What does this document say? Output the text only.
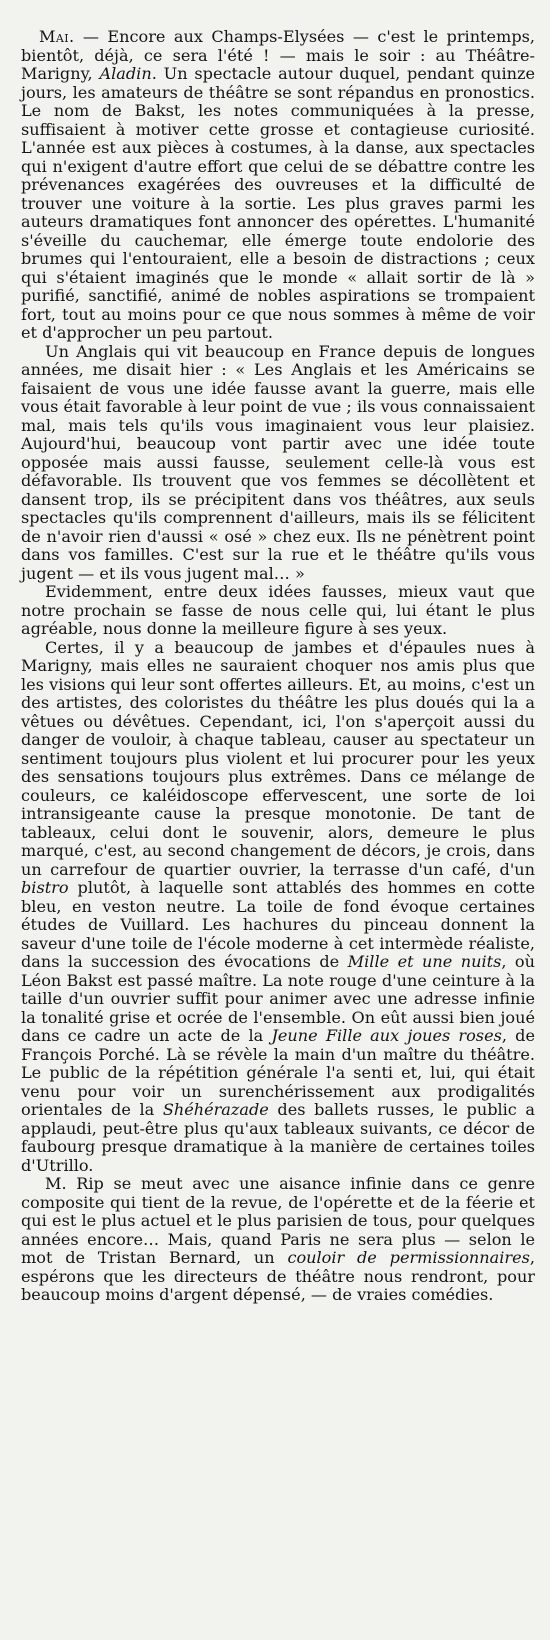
Mai. — Encore aux Champs-Elysées — c'est le printemps, bientôt, déjà, ce sera l'été ! — mais le soir : au Théâtre-Marigny, Aladin. Un spectacle autour duquel, pendant quinze jours, les amateurs de théâtre se sont répandus en pronostics. Le nom de Bakst, les notes communiquées à la presse, suffisaient à motiver cette grosse et contagieuse curiosité. L'année est aux pièces à costumes, à la danse, aux spectacles qui n'exigent d'autre effort que celui de se débattre contre les prévenances exagérées des ouvreuses et la difficulté de trouver une voiture à la sortie. Les plus graves parmi les auteurs dramatiques font annoncer des opérettes. L'humanité s'éveille du cauchemar, elle émerge toute endolorie des brumes qui l'entouraient, elle a besoin de distractions ; ceux qui s'étaient imaginés que le monde « allait sortir de là » purifié, sanctifié, animé de nobles aspirations se trompaient fort, tout au moins pour ce que nous sommes à même de voir et d'approcher un peu partout.

Un Anglais qui vit beaucoup en France depuis de longues années, me disait hier : « Les Anglais et les Américains se faisaient de vous une idée fausse avant la guerre, mais elle vous était favorable à leur point de vue ; ils vous connaissaient mal, mais tels qu'ils vous imaginaient vous leur plaisiez. Aujourd'hui, beaucoup vont partir avec une idée toute opposée mais aussi fausse, seulement celle-là vous est défavorable. Ils trouvent que vos femmes se décollètent et dansent trop, ils se précipitent dans vos théâtres, aux seuls spectacles qu'ils comprennent d'ailleurs, mais ils se félicitent de n'avoir rien d'aussi « osé » chez eux. Ils ne pénètrent point dans vos familles. C'est sur la rue et le théâtre qu'ils vous jugent — et ils vous jugent mal… »

Evidemment, entre deux idées fausses, mieux vaut que notre prochain se fasse de nous celle qui, lui étant le plus agréable, nous donne la meilleure figure à ses yeux.

Certes, il y a beaucoup de jambes et d'épaules nues à Marigny, mais elles ne sauraient choquer nos amis plus que les visions qui leur sont offertes ailleurs. Et, au moins, c'est un des artistes, des coloristes du théâtre les plus doués qui la a vêtues ou dévêtues. Cependant, ici, l'on s'aperçoit aussi du danger de vouloir, à chaque tableau, causer au spectateur un sentiment toujours plus violent et lui procurer pour les yeux des sensations toujours plus extrêmes. Dans ce mélange de couleurs, ce kaléidoscope effervescent, une sorte de loi intransigeante cause la presque monotonie. De tant de tableaux, celui dont le souvenir, alors, demeure le plus marqué, c'est, au second changement de décors, je crois, dans un carrefour de quartier ouvrier, la terrasse d'un café, d'un bistro plutôt, à laquelle sont attablés des hommes en cotte bleu, en veston neutre. La toile de fond évoque certaines études de Vuillard. Les hachures du pinceau donnent la saveur d'une toile de l'école moderne à cet intermède réaliste, dans la succession des évocations de Mille et une nuits, où Léon Bakst est passé maître. La note rouge d'une ceinture à la taille d'un ouvrier suffit pour animer avec une adresse infinie la tonalité grise et ocrée de l'ensemble. On eût aussi bien joué dans ce cadre un acte de la Jeune Fille aux joues roses, de François Porché. Là se révèle la main d'un maître du théâtre. Le public de la répétition générale l'a senti et, lui, qui était venu pour voir un surenchérissement aux prodigalités orientales de la Shéhérazade des ballets russes, le public a applaudi, peut-être plus qu'aux tableaux suivants, ce décor de faubourg presque dramatique à la manière de certaines toiles d'Utrillo.

M. Rip se meut avec une aisance infinie dans ce genre composite qui tient de la revue, de l'opérette et de la féerie et qui est le plus actuel et le plus parisien de tous, pour quelques années encore… Mais, quand Paris ne sera plus — selon le mot de Tristan Bernard, un couloir de permissionnaires, espérons que les directeurs de théâtre nous rendront, pour beaucoup moins d'argent dépensé, — de vraies comédies.
